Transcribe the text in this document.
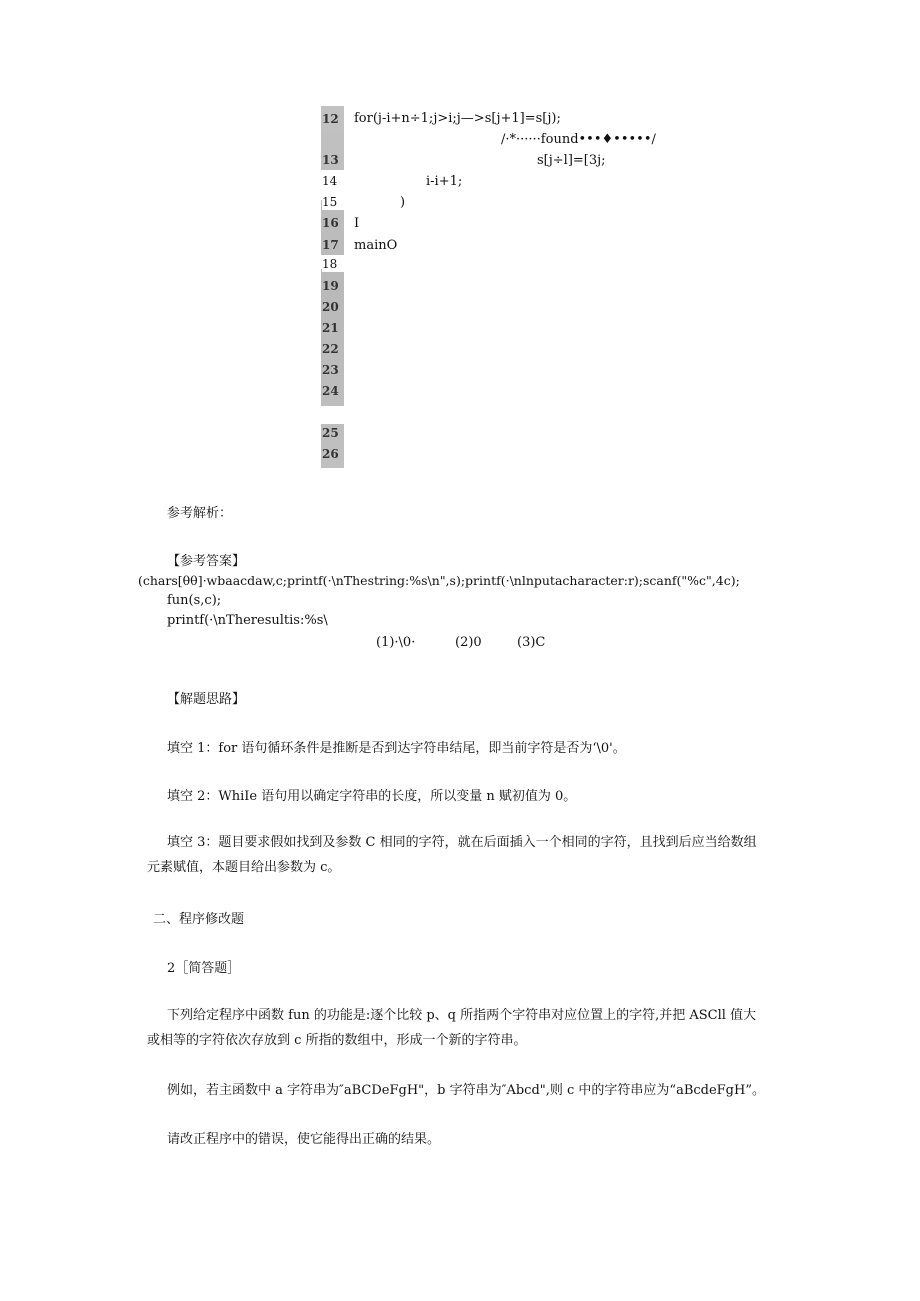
12
13
14
15
16
17
18
19
20
21
22
23
24
25
26
for(j-i+n÷1;j>i;j—>s[j+1]=s[j);
/·*······found•••♦•••••/
s[j÷l]=[3j;
i-i+1;
)
I
mainO
参考解析：
【参考答案】
(chars[θθ]·wbaacdaw,c;printf(·\nThestring:%s\n",s);printf(·\nlnputacharacter:r);scanf("%c",4c);
fun(s,c);
printf(·\nTheresultis:%s\
(1)·\0·	(2)0	(3)C
【解题思路】
填空 1：for 语句循环条件是推断是否到达字符串结尾，即当前字符是否为‘\0'。
填空 2：WhiIe 语句用以确定字符串的长度，所以变量 n 赋初值为 0。
填空 3：题目要求假如找到及参数 C 相同的字符，就在后面插入一个相同的字符，且找到后应当给数组元素赋值，本题目给出参数为 c。
二、程序修改题
2［简答题］
下列给定程序中函数 fun 的功能是:逐个比较 p、q 所指两个字符串对应位置上的字符,并把 ASCll 值大或相等的字符依次存放到 c 所指的数组中，形成一个新的字符串。
例如，若主函数中 a 字符串为″aBCDeFgH"，b 字符串为″Abcd",则 c 中的字符串应为“aBcdeFgH”。
请改正程序中的错误，使它能得出正确的结果。
